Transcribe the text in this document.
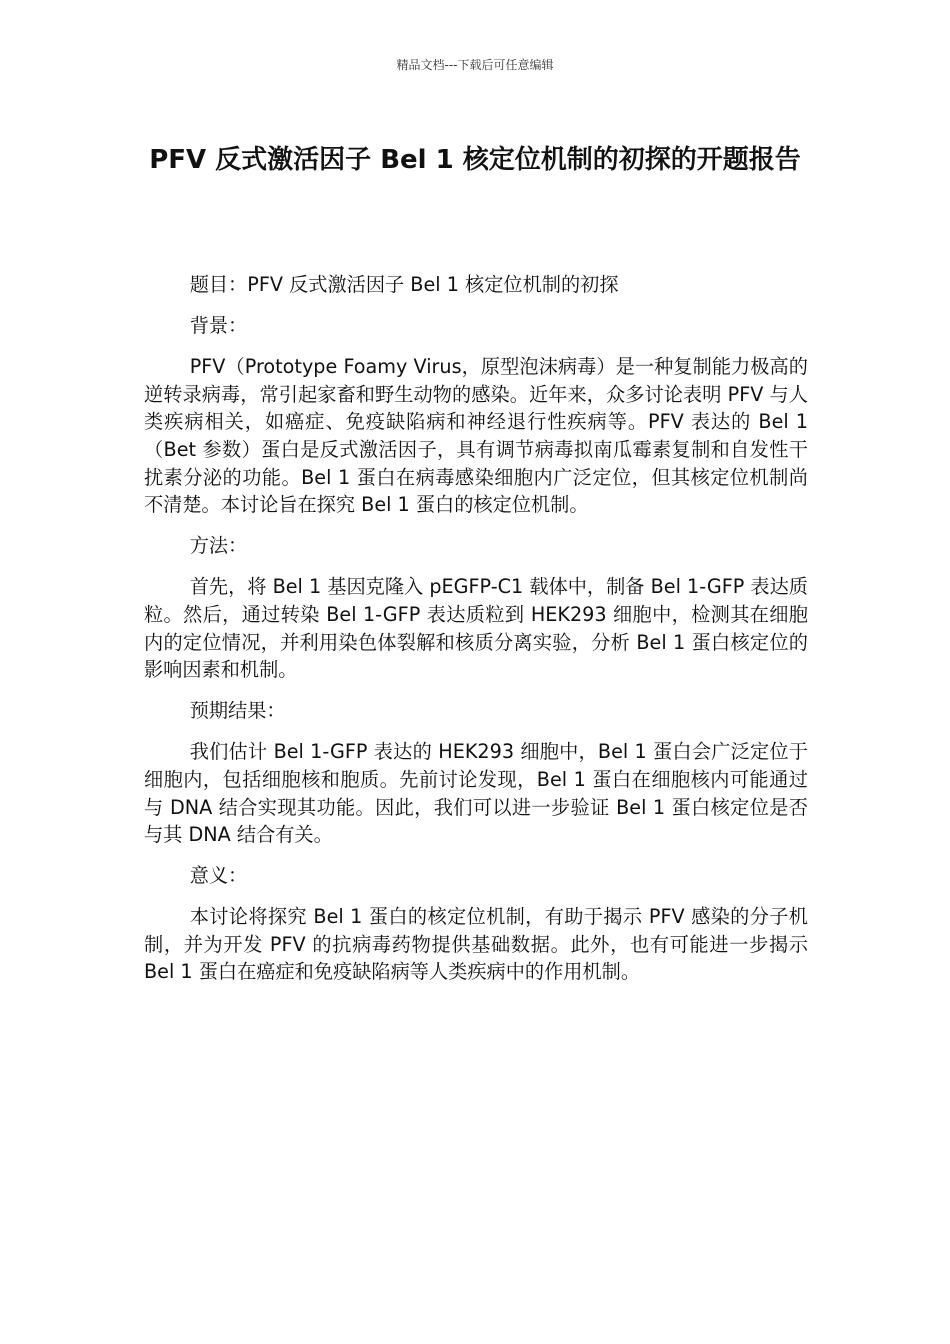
精品文档---下载后可任意编辑
PFV 反式激活因子 Bel 1 核定位机制的初探的开题报告

题目：PFV 反式激活因子 Bel 1 核定位机制的初探

背景：

PFV（Prototype Foamy Virus，原型泡沫病毒）是一种复制能力极高的逆转录病毒，常引起家畜和野生动物的感染。近年来，众多讨论表明 PFV 与人类疾病相关，如癌症、免疫缺陷病和神经退行性疾病等。PFV 表达的 Bel 1（Bet 参数）蛋白是反式激活因子，具有调节病毒拟南瓜霉素复制和自发性干扰素分泌的功能。Bel 1 蛋白在病毒感染细胞内广泛定位，但其核定位机制尚不清楚。本讨论旨在探究 Bel 1 蛋白的核定位机制。

方法：

首先，将 Bel 1 基因克隆入 pEGFP-C1 载体中，制备 Bel 1-GFP 表达质粒。然后，通过转染 Bel 1-GFP 表达质粒到 HEK293 细胞中，检测其在细胞内的定位情况，并利用染色体裂解和核质分离实验，分析 Bel 1 蛋白核定位的影响因素和机制。

预期结果：

我们估计 Bel 1-GFP 表达的 HEK293 细胞中，Bel 1 蛋白会广泛定位于细胞内，包括细胞核和胞质。先前讨论发现，Bel 1 蛋白在细胞核内可能通过与 DNA 结合实现其功能。因此，我们可以进一步验证 Bel 1 蛋白核定位是否与其 DNA 结合有关。

意义：

本讨论将探究 Bel 1 蛋白的核定位机制，有助于揭示 PFV 感染的分子机制，并为开发 PFV 的抗病毒药物提供基础数据。此外，也有可能进一步揭示 Bel 1 蛋白在癌症和免疫缺陷病等人类疾病中的作用机制。
